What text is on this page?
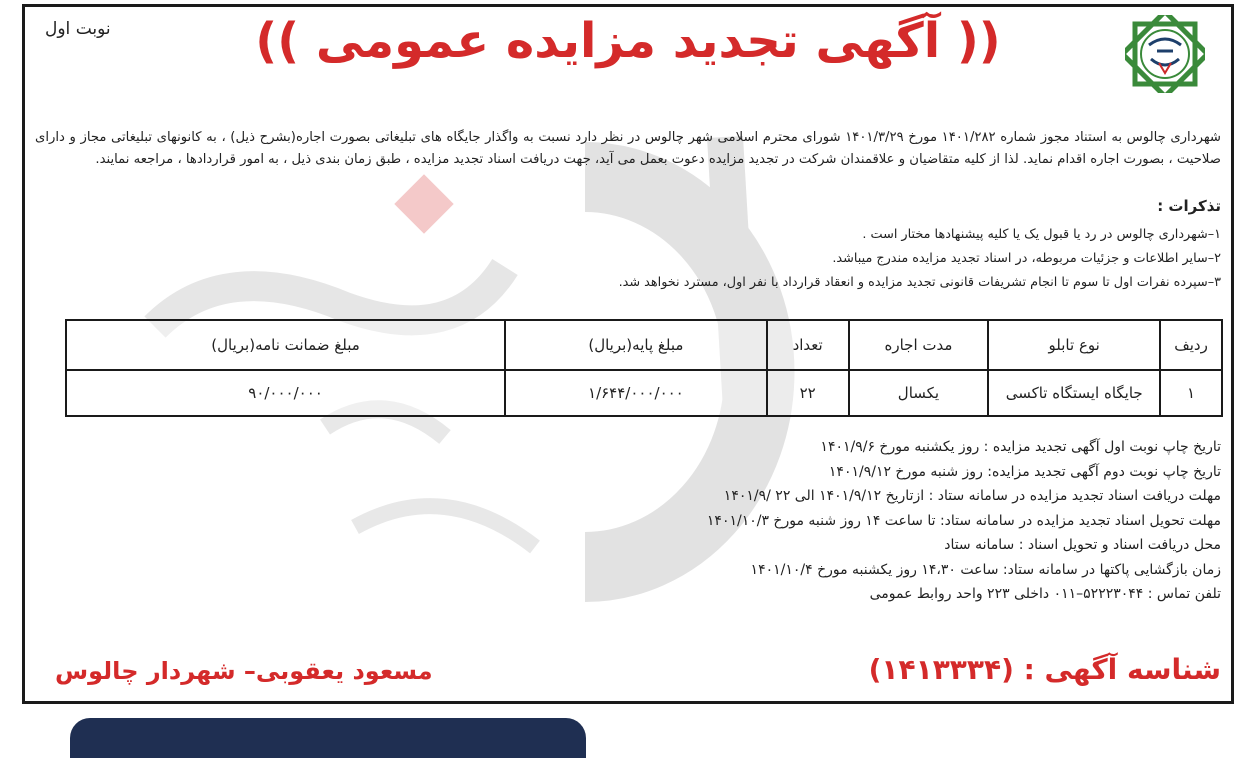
نوبت اول	(( آگهی تجدید مزایده عمومی ))
شهرداری چالوس به استناد مجوز شماره ۱۴۰۱/۲۸۲ مورخ ۱۴۰۱/۳/۲۹ شورای محترم اسلامی شهر چالوس در نظر دارد نسبت به واگذار جایگاه های تبلیغاتی بصورت اجاره(بشرح ذیل) ، به کانونهای تبلیغاتی مجاز و دارای صلاحیت ، بصورت اجاره اقدام نماید. لذا از کلیه متقاضیان و علاقمندان شرکت در تجدید مزایده دعوت بعمل می آید، جهت دریافت اسناد تجدید مزایده ، طبق زمان بندی ذیل ، به امور قراردادها ، مراجعه نمایند.
تذکرات :
۱–شهرداری چالوس در رد یا قبول یک یا کلیه پیشنهادها مختار است .
۲–سایر اطلاعات و جزئیات مربوطه، در اسناد تجدید مزایده مندرج میباشد.
۳–سپرده نفرات اول تا سوم تا انجام تشریفات قانونی تجدید مزایده و انعقاد قرارداد با نفر اول، مسترد نخواهد شد.
ردیف	نوع تابلو	مدت اجاره	تعداد	مبلغ پایه(بریال)	مبلغ ضمانت نامه(بریال)
۱	جایگاه ایستگاه تاکسی	یکسال	۲۲	۱/۶۴۴/۰۰۰/۰۰۰	۹۰/۰۰۰/۰۰۰
تاریخ چاپ نوبت اول آگهی تجدید مزایده : روز یکشنبه مورخ ۱۴۰۱/۹/۶
تاریخ چاپ نوبت دوم آگهی تجدید مزایده: روز شنبه مورخ ۱۴۰۱/۹/۱۲
مهلت دریافت اسناد تجدید مزایده در سامانه ستاد : ازتاریخ ۱۴۰۱/۹/۱۲ الی ۲۲ /۱۴۰۱/۹
مهلت تحویل اسناد تجدید مزایده در سامانه ستاد: تا ساعت ۱۴ روز شنبه مورخ ۱۴۰۱/۱۰/۳
محل دریافت اسناد و تحویل اسناد : سامانه ستاد
زمان بازگشایی پاکتها در سامانه ستاد: ساعت ۱۴،۳۰ روز یکشنبه مورخ ۱۴۰۱/۱۰/۴
تلفن تماس : ۵۲۲۲۳۰۴۴–۰۱۱ داخلی ۲۲۳ واحد روابط عمومی
شناسه آگهی : (۱۴۱۳۳۳۴)
مسعود یعقوبی– شهردار چالوس
